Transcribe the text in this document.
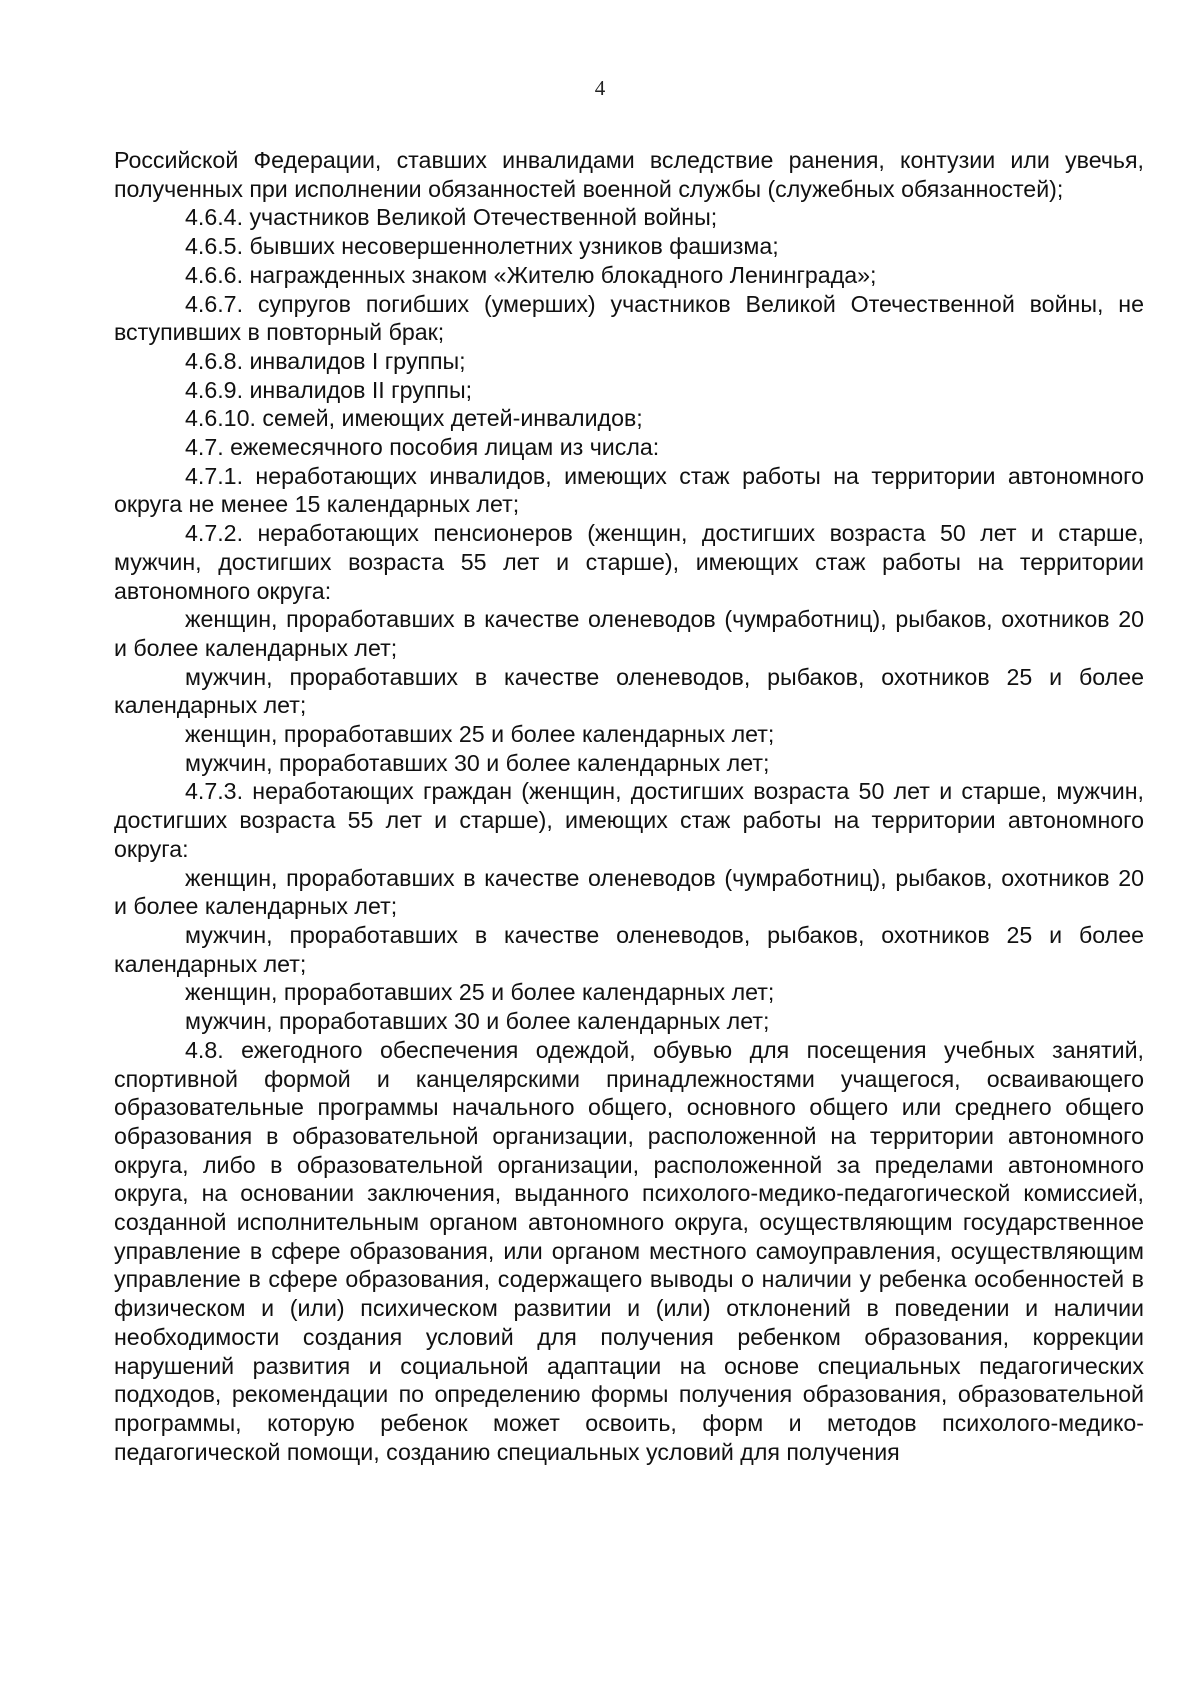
4

Российской Федерации, ставших инвалидами вследствие ранения, контузии или увечья, полученных при исполнении обязанностей военной службы (служебных обязанностей);

4.6.4. участников Великой Отечественной войны;

4.6.5. бывших несовершеннолетних узников фашизма;

4.6.6. награжденных знаком «Жителю блокадного Ленинграда»;

4.6.7. супругов погибших (умерших) участников Великой Отечественной войны, не вступивших в повторный брак;

4.6.8. инвалидов I группы;

4.6.9. инвалидов II группы;

4.6.10. семей, имеющих детей-инвалидов;

4.7. ежемесячного пособия лицам из числа:

4.7.1. неработающих инвалидов, имеющих стаж работы на территории автономного округа не менее 15 календарных лет;

4.7.2. неработающих пенсионеров (женщин, достигших возраста 50 лет и старше, мужчин, достигших возраста 55 лет и старше), имеющих стаж работы на территории автономного округа:

женщин, проработавших в качестве оленеводов (чумработниц), рыбаков, охотников 20 и более календарных лет;

мужчин, проработавших в качестве оленеводов, рыбаков, охотников 25 и более календарных лет;

женщин, проработавших 25 и более календарных лет;

мужчин, проработавших 30 и более календарных лет;

4.7.3. неработающих граждан (женщин, достигших возраста 50 лет и старше, мужчин, достигших возраста 55 лет и старше), имеющих стаж работы на территории автономного округа:

женщин, проработавших в качестве оленеводов (чумработниц), рыбаков, охотников 20 и более календарных лет;

мужчин, проработавших в качестве оленеводов, рыбаков, охотников 25 и более календарных лет;

женщин, проработавших 25 и более календарных лет;

мужчин, проработавших 30 и более календарных лет;

4.8. ежегодного обеспечения одеждой, обувью для посещения учебных занятий, спортивной формой и канцелярскими принадлежностями учащегося, осваивающего образовательные программы начального общего, основного общего или среднего общего образования в образовательной организации, расположенной на территории автономного округа, либо в образовательной организации, расположенной за пределами автономного округа, на основании заключения, выданного психолого-медико-педагогической комиссией, созданной исполнительным органом автономного округа, осуществляющим государственное управление в сфере образования, или органом местного самоуправления, осуществляющим управление в сфере образования, содержащего выводы о наличии у ребенка особенностей в физическом и (или) психическом развитии и (или) отклонений в поведении и наличии необходимости создания условий для получения ребенком образования, коррекции нарушений развития и социальной адаптации на основе специальных педагогических подходов, рекомендации по определению формы получения образования, образовательной программы, которую ребенок может освоить, форм и методов психолого-медико-педагогической помощи, созданию специальных условий для получения
